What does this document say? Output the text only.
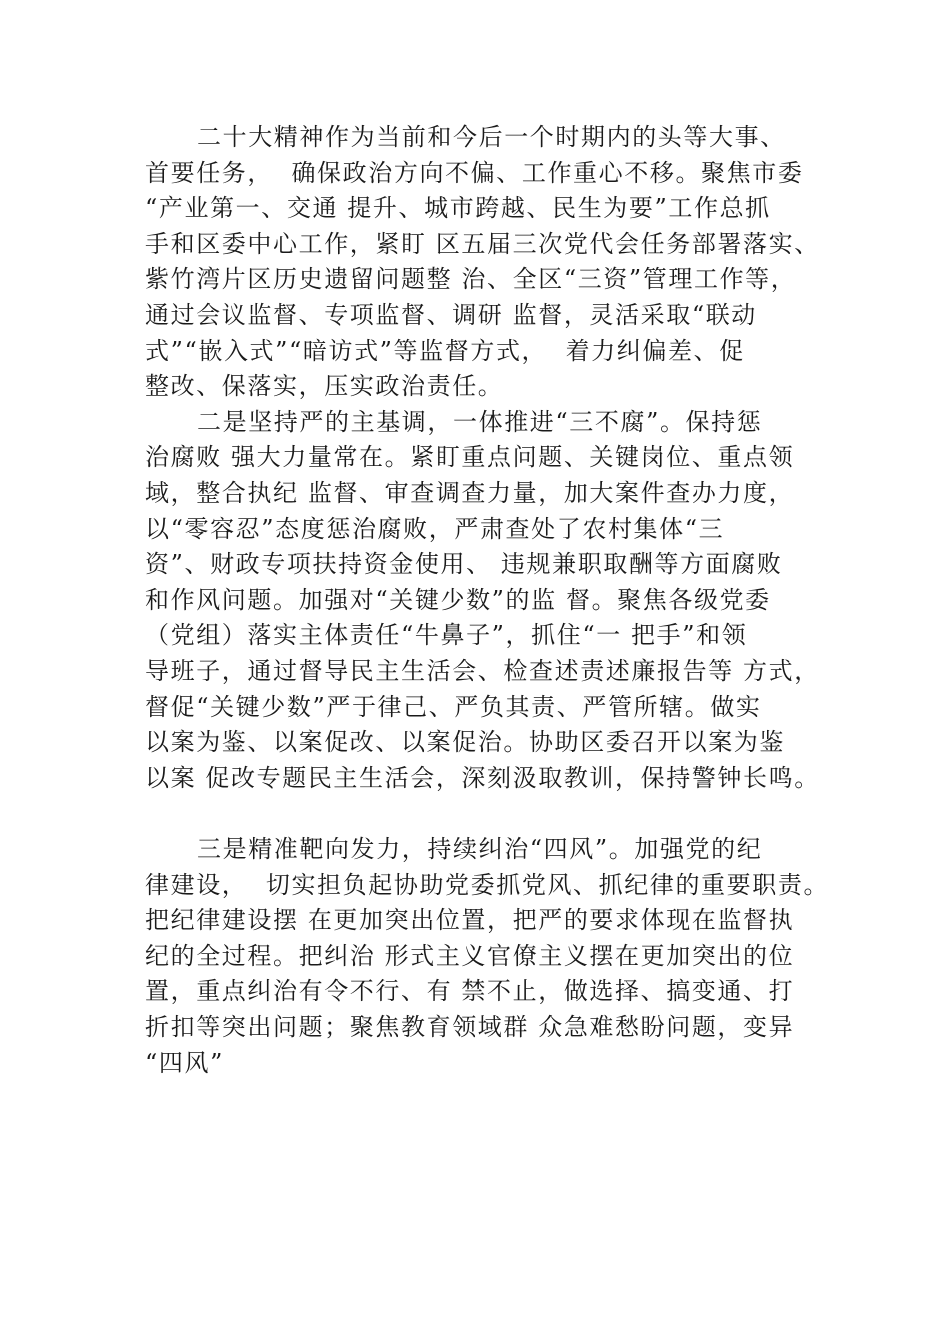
二十大精神作为当前和今后一个时期内的头等大事、
首要任务，  确保政治方向不偏、工作重心不移。聚焦市委
“产业第一、交通 提升、城市跨越、民生为要”工作总抓
手和区委中心工作，紧盯 区五届三次党代会任务部署落实、
紫竹湾片区历史遗留问题整 治、全区“三资”管理工作等，
通过会议监督、专项监督、调研 监督，灵活采取“联动
式”“嵌入式”“暗访式”等监督方式，  着力纠偏差、促
整改、保落实，压实政治责任。
二是坚持严的主基调，一体推进“三不腐”。保持惩
治腐败 强大力量常在。紧盯重点问题、关键岗位、重点领
域，整合执纪 监督、审查调查力量，加大案件查办力度，
以“零容忍”态度惩治腐败，严肃查处了农村集体“三
资”、财政专项扶持资金使用、 违规兼职取酬等方面腐败
和作风问题。加强对“关键少数”的监 督。聚焦各级党委
（党组）落实主体责任“牛鼻子”，抓住“一 把手”和领
导班子，通过督导民主生活会、检查述责述廉报告等 方式，
督促“关键少数”严于律己、严负其责、严管所辖。做实
以案为鉴、以案促改、以案促治。协助区委召开以案为鉴
以案 促改专题民主生活会，深刻汲取教训，保持警钟长鸣。
三是精准靶向发力，持续纠治“四风”。加强党的纪
律建设，  切实担负起协助党委抓党风、抓纪律的重要职责。
把纪律建设摆 在更加突出位置，把严的要求体现在监督执
纪的全过程。把纠治 形式主义官僚主义摆在更加突出的位
置，重点纠治有令不行、有 禁不止，做选择、搞变通、打
折扣等突出问题；聚焦教育领域群 众急难愁盼问题，变异
“四风”
